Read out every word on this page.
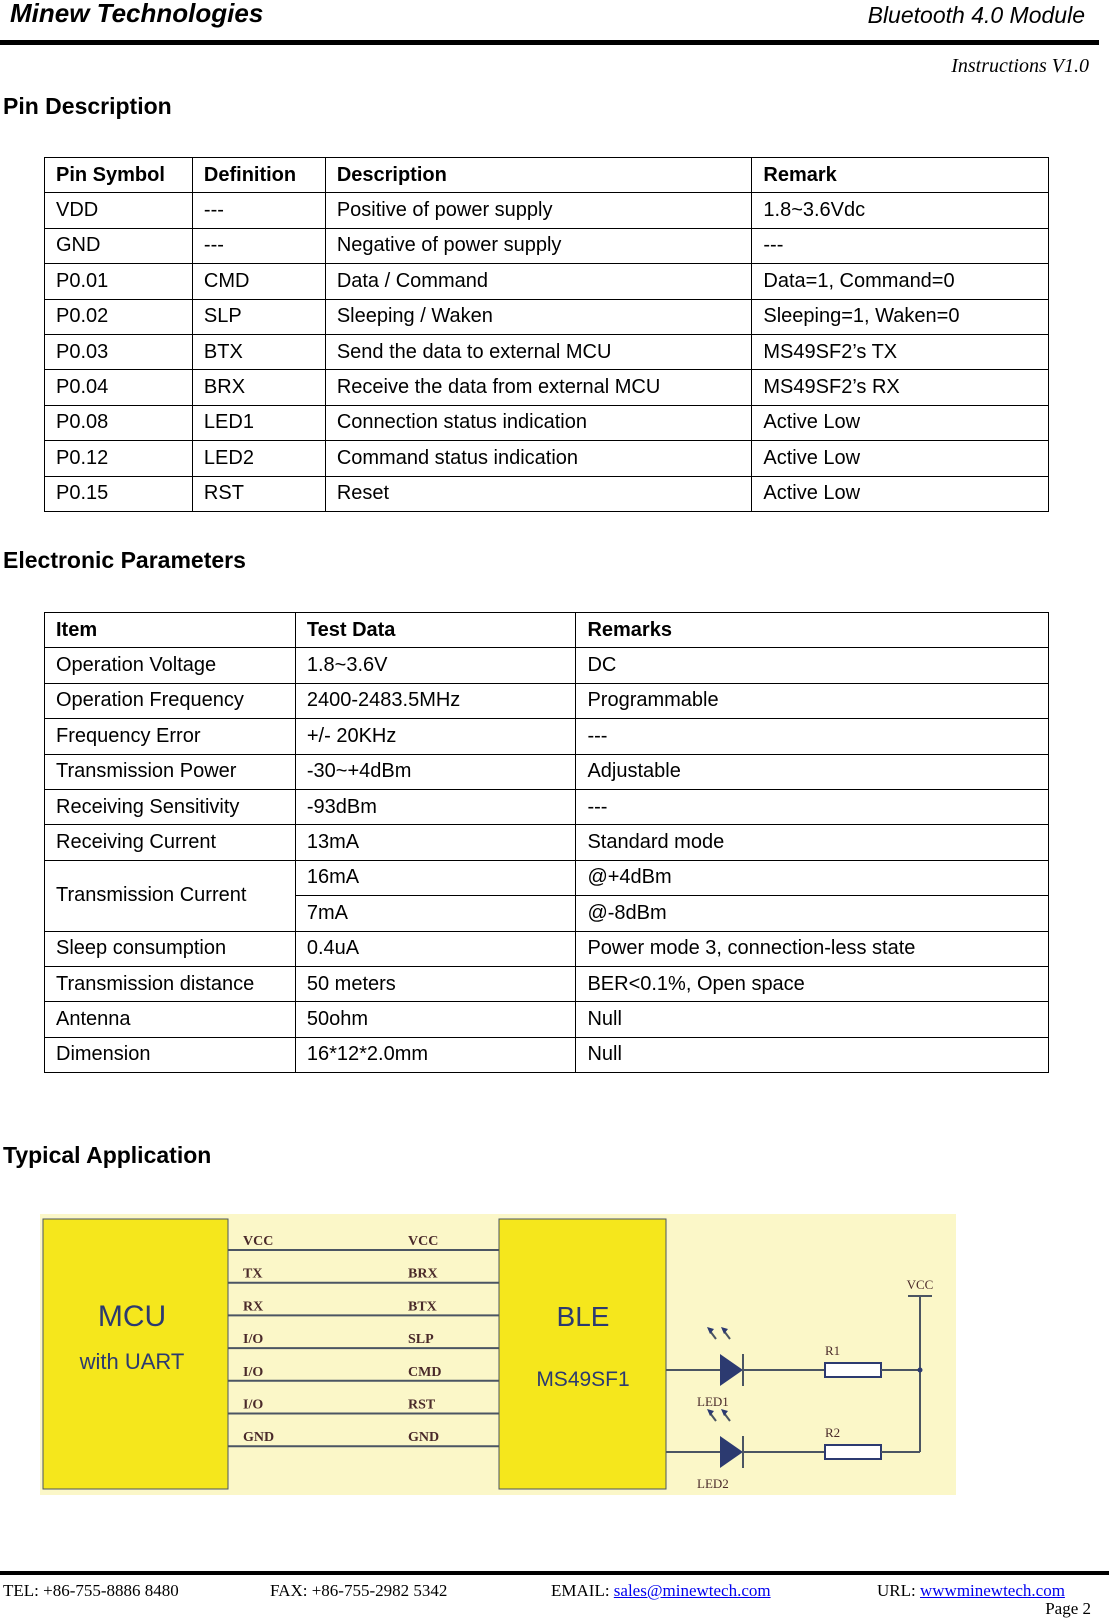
Minew Technologies	Bluetooth 4.0 Module
Instructions V1.0
Pin Description
Pin Symbol	Definition	Description	Remark
VDD	---	Positive of power supply	1.8~3.6Vdc
GND	---	Negative of power supply	---
P0.01	CMD	Data / Command	Data=1, Command=0
P0.02	SLP	Sleeping / Waken	Sleeping=1, Waken=0
P0.03	BTX	Send the data to external MCU	MS49SF2’s TX
P0.04	BRX	Receive the data from external MCU	MS49SF2’s RX
P0.08	LED1	Connection status indication	Active Low
P0.12	LED2	Command status indication	Active Low
P0.15	RST	Reset	Active Low
Electronic Parameters
Item	Test Data	Remarks
Operation Voltage	1.8~3.6V	DC
Operation Frequency	2400-2483.5MHz	Programmable
Frequency Error	+/- 20KHz	---
Transmission Power	-30~+4dBm	Adjustable
Receiving Sensitivity	-93dBm	---
Receiving Current	13mA	Standard mode
Transmission Current	16mA	@+4dBm
	7mA	@-8dBm
Sleep consumption	0.4uA	Power mode 3, connection-less state
Transmission distance	50 meters	BER<0.1%, Open space
Antenna	50ohm	Null
Dimension	16*12*2.0mm	Null
Typical Application
MCU
with UART
BLE
MS49SF1
VCC	VCC
TX	BRX
RX	BTX
I/O	SLP
I/O	CMD
I/O	RST
GND	GND
LED1
R1
LED2
R2
VCC
TEL: +86-755-8886 8480	FAX: +86-755-2982 5342	EMAIL: sales@minewtech.com	URL: wwwminewtech.com
Page 2
